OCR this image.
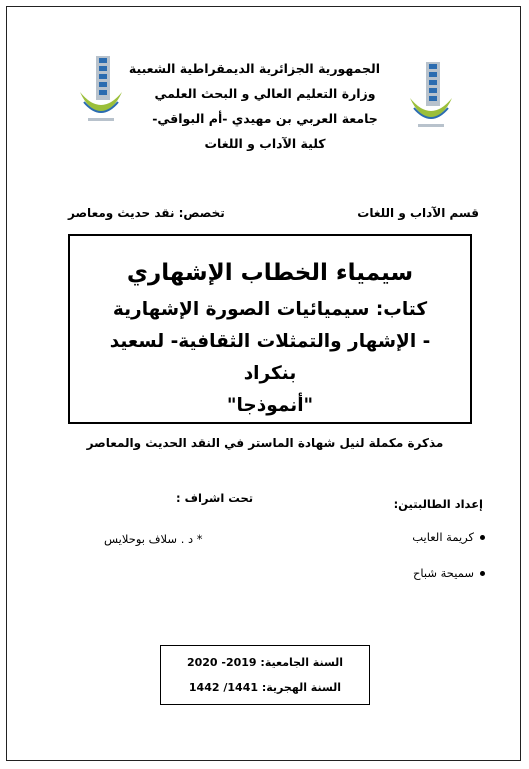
الجمهورية الجزائرية الديمقراطية الشعبية
وزارة التعليم العالي و البحث العلمي
جامعة العربي بن مهيدي -أم البواقي-
كلية الآداب و اللغات
قسم الآداب و اللغات
تخصص: نقد حديث ومعاصر
سيمياء الخطاب الإشهاري
كتاب: سيميائيات الصورة الإشهارية
- الإشهار والتمثلات الثقافية- لسعيد بنكراد
"أنموذجا"
مذكرة مكملة لنيل شهادة الماستر في النقد الحديث والمعاصر
إعداد الطالبتين:
تحت اشراف :
كريمة العايب
سميحة شباح
* د . سلاف بوحلايس
السنة الجامعية: 2019- 2020
السنة الهجرية: 1441/ 1442
